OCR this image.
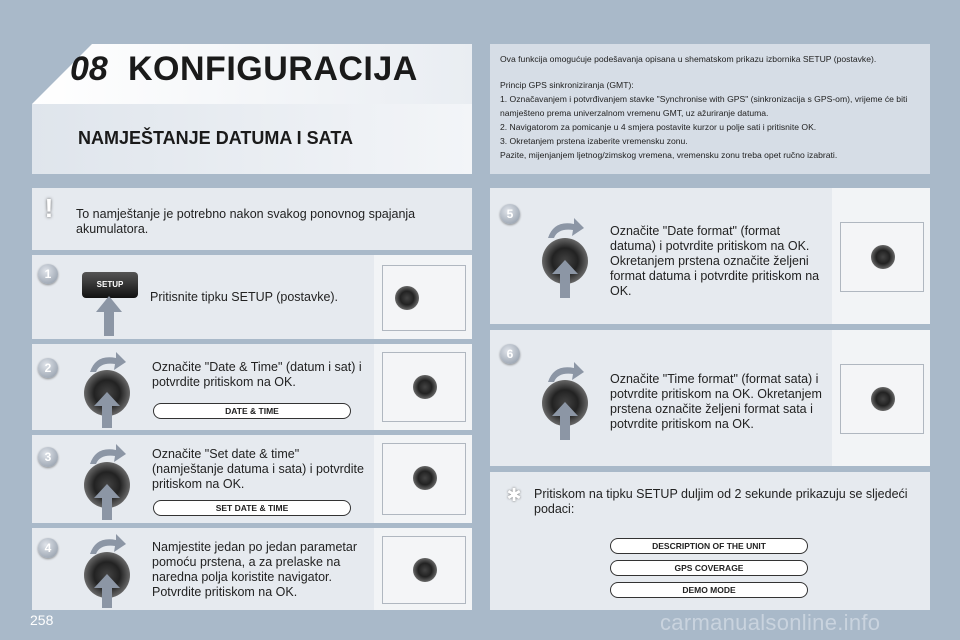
08 KONFIGURACIJA
NAMJEŠTANJE DATUMA I SATA

Ova funkcija omogućuje podešavanja opisana u shematskom prikazu izbornika SETUP (postavke).

Princip GPS sinkroniziranja (GMT):

1. Označavanjem i potvrđivanjem stavke "Synchronise with GPS" (sinkronizacija s GPS-om), vrijeme će biti namješteno prema univerzalnom vremenu GMT, uz ažuriranje datuma.

2. Navigatorom za pomicanje u 4 smjera postavite kurzor u polje sati i pritisnite OK.

3. Okretanjem prstena izaberite vremensku zonu.

Pazite, mijenjanjem ljetnog/zimskog vremena, vremensku zonu treba opet ručno izabrati.

!	To namještanje je potrebno nakon svakog ponovnog spajanja akumulatora.
1
SETUP
Pritisnite tipku SETUP (postavke).
2	Označite "Date & Time" (datum i sat) i potvrdite pritiskom na OK.
DATE & TIME
3	Označite "Set date & time" (namještanje datuma i sata) i potvrdite pritiskom na OK.
SET DATE & TIME
4	Namjestite jedan po jedan parametar pomoću prstena, a za prelaske na naredna polja koristite navigator. Potvrdite pritiskom na OK.
5
Označite "Date format" (format datuma) i potvrdite pritiskom na OK. Okretanjem prstena označite željeni format datuma i potvrdite pritiskom na OK.
6
Označite "Time format" (format sata) i potvrdite pritiskom na OK. Okretanjem prstena označite željeni format sata i potvrdite pritiskom na OK.
✱ Pritiskom na tipku SETUP duljim od 2 sekunde prikazuju se sljedeći podaci:
DESCRIPTION OF THE UNIT
GPS COVERAGE
DEMO MODE
258	carmanualsonline.info
